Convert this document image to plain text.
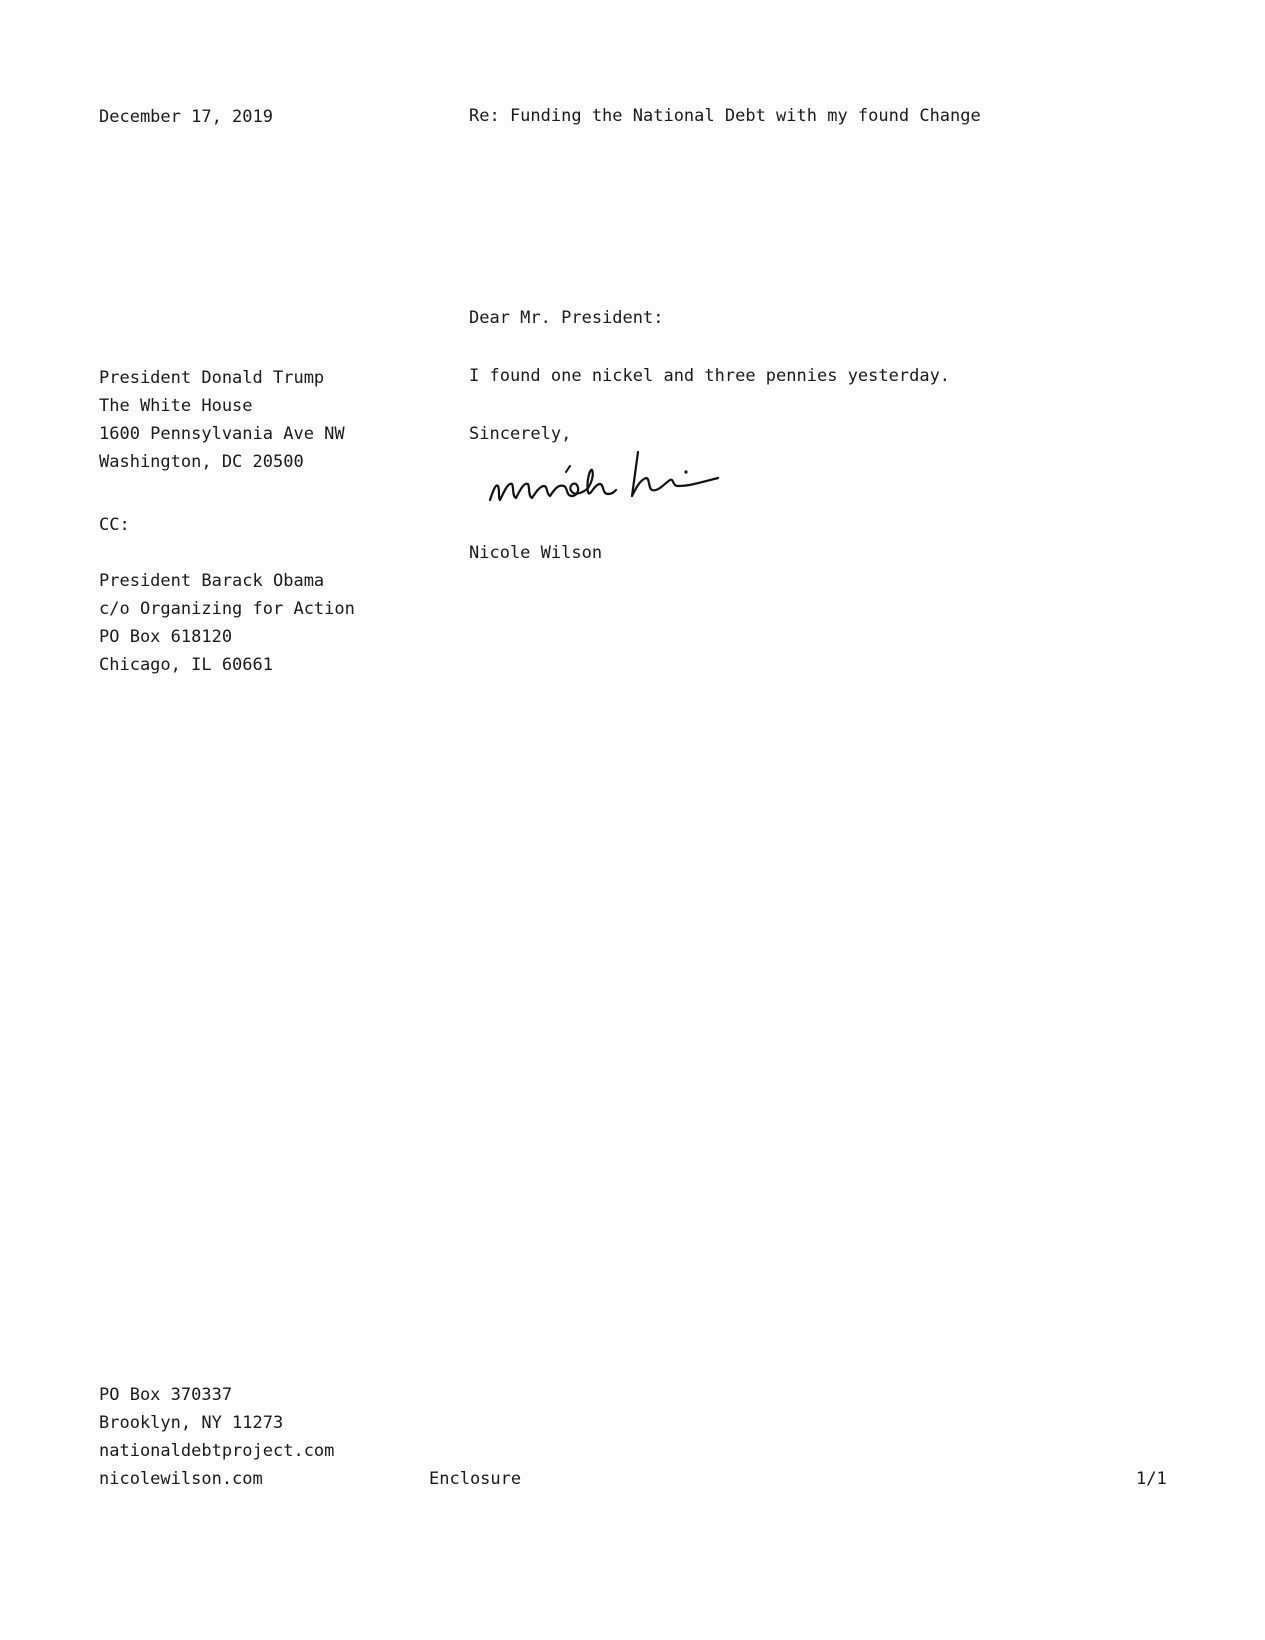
December 17, 2019	Re: Funding the National Debt with my found Change
Dear Mr. President:
President Donald Trump
The White House
1600 Pennsylvania Ave NW
Washington, DC 20500
CC:
President Barack Obama
c/o Organizing for Action
PO Box 618120
Chicago, IL 60661
I found one nickel and three pennies yesterday.
Sincerely,
Nicole Wilson
PO Box 370337
Brooklyn, NY 11273
nationaldebtproject.com
nicolewilson.com	Enclosure	1/1
